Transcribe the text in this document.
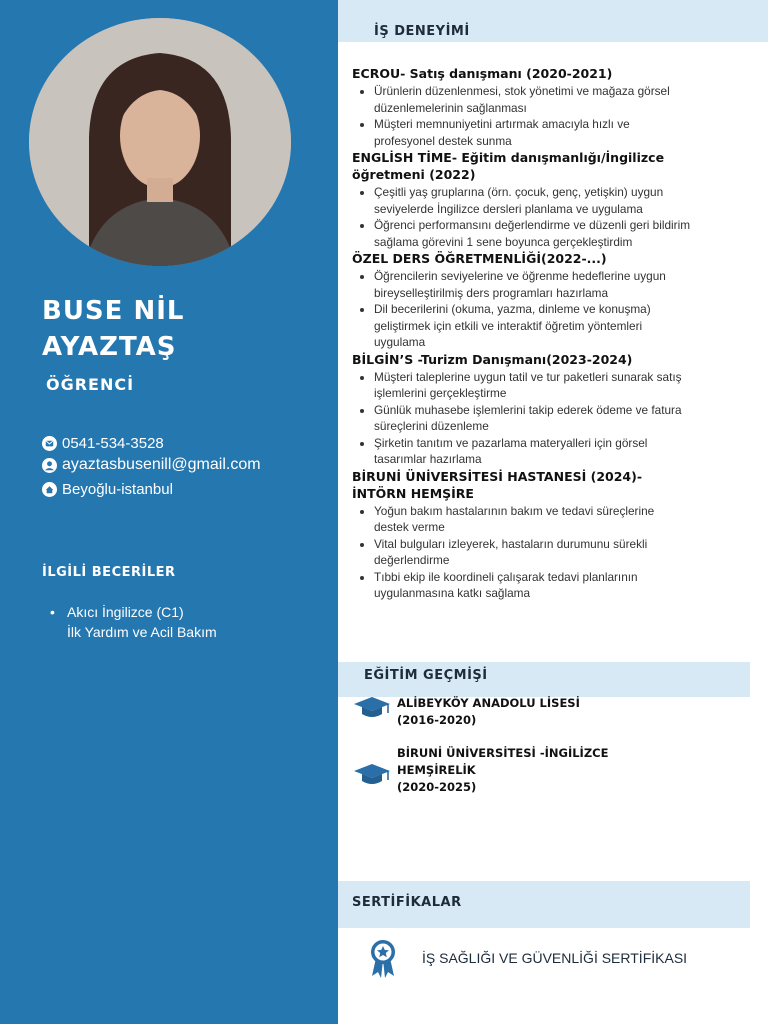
BUSE NİL
AYAZTAŞ
ÖĞRENCİ
0541-534-3528
ayaztasbusenill@gmail.com
Beyoğlu-istanbul
İLGİLİ BECERİLER
• Akıcı İngilizce (C1)
İlk Yardım ve Acil Bakım
İŞ DENEYİMİ

ECROU- Satış danışmanı (2020-2021)

• Ürünlerin düzenlenmesi, stok yönetimi ve mağaza görsel düzenlemelerinin sağlanması
• Müşteri memnuniyetini artırmak amacıyla hızlı ve profesyonel destek sunma

ENGLİSH TİME- Eğitim danışmanlığı/İngilizce öğretmeni (2022)

• Çeşitli yaş gruplarına (örn. çocuk, genç, yetişkin) uygun seviyelerde İngilizce dersleri planlama ve uygulama
• Öğrenci performansını değerlendirme ve düzenli geri bildirim sağlama görevini 1 sene boyunca gerçekleştirdim

ÖZEL DERS ÖĞRETMENLİĞİ(2022-...)

• Öğrencilerin seviyelerine ve öğrenme hedeflerine uygun bireyselleştirilmiş ders programları hazırlama
• Dil becerilerini (okuma, yazma, dinleme ve konuşma) geliştirmek için etkili ve interaktif öğretim yöntemleri uygulama

BİLGİN’S -Turizm Danışmanı(2023-2024)

• Müşteri taleplerine uygun tatil ve tur paketleri sunarak satış işlemlerini gerçekleştirme
• Günlük muhasebe işlemlerini takip ederek ödeme ve fatura süreçlerini düzenleme
• Şirketin tanıtım ve pazarlama materyalleri için görsel tasarımlar hazırlama

BİRUNİ ÜNİVERSİTESİ HASTANESİ (2024)-İNTÖRN HEMŞİRE

• Yoğun bakım hastalarının bakım ve tedavi süreçlerine destek verme
• Vital bulguları izleyerek, hastaların durumunu sürekli değerlendirme
• Tıbbi ekip ile koordineli çalışarak tedavi planlarının uygulanmasına katkı sağlama
EĞİTİM GEÇMİŞİ
ALİBEYKÖY ANADOLU LİSESİ
(2016-2020)
BİRUNİ ÜNİVERSİTESİ -İNGİLİZCE HEMŞİRELİK
(2020-2025)
SERTİFİKALAR
İŞ SAĞLIĞI VE GÜVENLİĞİ SERTİFİKASI
